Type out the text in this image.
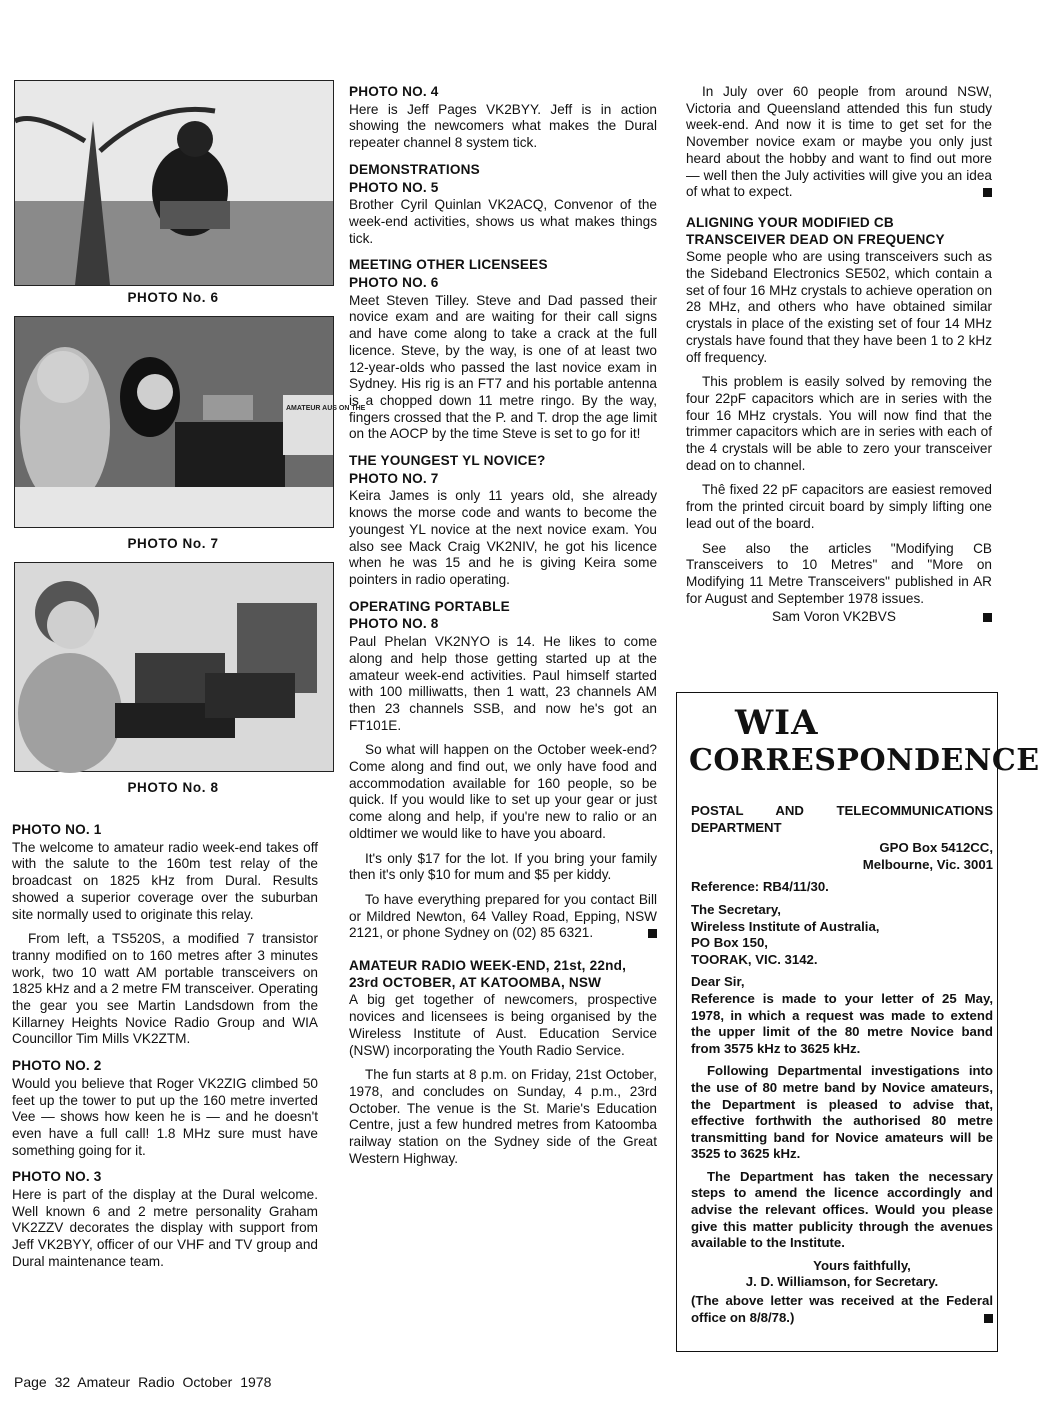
PHOTO No. 6
AMATEUR AUS ON THE
PHOTO No. 7
PHOTO No. 8
PHOTO NO. 1

The welcome to amateur radio week-end takes off with the salute to the 160m test relay of the broadcast on 1825 kHz from Dural. Results showed a superior coverage over the suburban site normally used to originate this relay.

From left, a TS520S, a modified 7 transistor tranny modified on to 160 metres after 3 minutes work, two 10 watt AM portable transceivers on 1825 kHz and a 2 metre FM transceiver. Operating the gear you see Martin Landsdown from the Killarney Heights Novice Radio Group and WIA Councillor Tim Mills VK2ZTM.

PHOTO NO. 2

Would you believe that Roger VK2ZIG climbed 50 feet up the tower to put up the 160 metre inverted Vee — shows how keen he is — and he doesn't even have a full call! 1.8 MHz sure must have something going for it.

PHOTO NO. 3

Here is part of the display at the Dural welcome. Well known 6 and 2 metre personality Graham VK2ZZV decorates the display with support from Jeff VK2BYY, officer of our VHF and TV group and Dural maintenance team.

PHOTO NO. 4

Here is Jeff Pages VK2BYY. Jeff is in action showing the newcomers what makes the Dural repeater channel 8 system tick.

DEMONSTRATIONS
PHOTO NO. 5

Brother Cyril Quinlan VK2ACQ, Convenor of the week-end activities, shows us what makes things tick.

MEETING OTHER LICENSEES
PHOTO NO. 6

Meet Steven Tilley. Steve and Dad passed their novice exam and are waiting for their call signs and have come along to take a crack at the full licence. Steve, by the way, is one of at least two 12-year-olds who passed the last novice exam in Sydney. His rig is an FT7 and his portable antenna is a chopped down 11 metre ringo. By the way, fingers crossed that the P. and T. drop the age limit on the AOCP by the time Steve is set to go for it!

THE YOUNGEST YL NOVICE?
PHOTO NO. 7

Keira James is only 11 years old, she already knows the morse code and wants to become the youngest YL novice at the next novice exam. You also see Mack Craig VK2NIV, he got his licence when he was 15 and he is giving Keira some pointers in radio operating.

OPERATING PORTABLE
PHOTO NO. 8

Paul Phelan VK2NYO is 14. He likes to come along and help those getting started up at the amateur week-end activities. Paul himself started with 100 milliwatts, then 1 watt, 23 channels AM then 23 channels SSB, and now he's got an FT101E.

So what will happen on the October week-end? Come along and find out, we only have food and accommodation available for 160 people, so be quick. If you would like to set up your gear or just come along and help, if you're new to ralio or an oldtimer we would like to have you aboard.

It's only $17 for the lot. If you bring your family then it's only $10 for mum and $5 per kiddy.

To have everything prepared for you contact Bill or Mildred Newton, 64 Valley Road, Epping, NSW 2121, or phone Sydney on (02) 85 6321.

AMATEUR RADIO WEEK-END, 21st, 22nd, 23rd OCTOBER, AT KATOOMBA, NSW

A big get together of newcomers, prospective novices and licensees is being organised by the Wireless Institute of Aust. Education Service (NSW) incorporating the Youth Radio Service.

The fun starts at 8 p.m. on Friday, 21st October, 1978, and concludes on Sunday, 4 p.m., 23rd October. The venue is the St. Marie's Education Centre, just a few hundred metres from Katoomba railway station on the Sydney side of the Great Western Highway.

In July over 60 people from around NSW, Victoria and Queensland attended this fun study week-end. And now it is time to get set for the November novice exam or maybe you only just heard about the hobby and want to find out more — well then the July activities will give you an idea of what to expect.

ALIGNING YOUR MODIFIED CB TRANSCEIVER DEAD ON FREQUENCY

Some people who are using transceivers such as the Sideband Electronics SE502, which contain a set of four 16 MHz crystals to achieve operation on 28 MHz, and others who have obtained similar crystals in place of the existing set of four 14 MHz crystals have found that they have been 1 to 2 kHz off frequency.

This problem is easily solved by removing the four 22pF capacitors which are in series with the four 16 MHz crystals. You will now find that the trimmer capacitors which are in series with each of the 4 crystals will be able to zero your transceiver dead on to channel.

Thê fixed 22 pF capacitors are easiest removed from the printed circuit board by simply lifting one lead out of the board.

See also the articles "Modifying CB Transceivers to 10 Metres" and "More on Modifying 11 Metre Transceivers" published in AR for August and September 1978 issues.

Sam Voron VK2BVS
WIA
CORRESPONDENCE

POSTAL AND TELECOMMUNICATIONS DEPARTMENT

GPO Box 5412CC,

Melbourne, Vic. 3001

Reference: RB4/11/30.

The Secretary,
Wireless Institute of Australia,
PO Box 150,
TOORAK, VIC. 3142.
Dear Sir,

Reference is made to your letter of 25 May, 1978, in which a request was made to extend the upper limit of the 80 metre Novice band from 3575 kHz to 3625 kHz.

Following Departmental investigations into the use of 80 metre band by Novice amateurs, the Department is pleased to advise that, effective forthwith the authorised 80 metre transmitting band for Novice amateurs will be 3525 to 3625 kHz.

The Department has taken the necessary steps to amend the licence accordingly and advise the relevant offices. Would you please give this matter publicity through the avenues available to the Institute.

Yours faithfully,

J. D. Williamson, for Secretary.

(The above letter was received at the Federal office on 8/8/78.)

Page 32 Amateur Radio October 1978
